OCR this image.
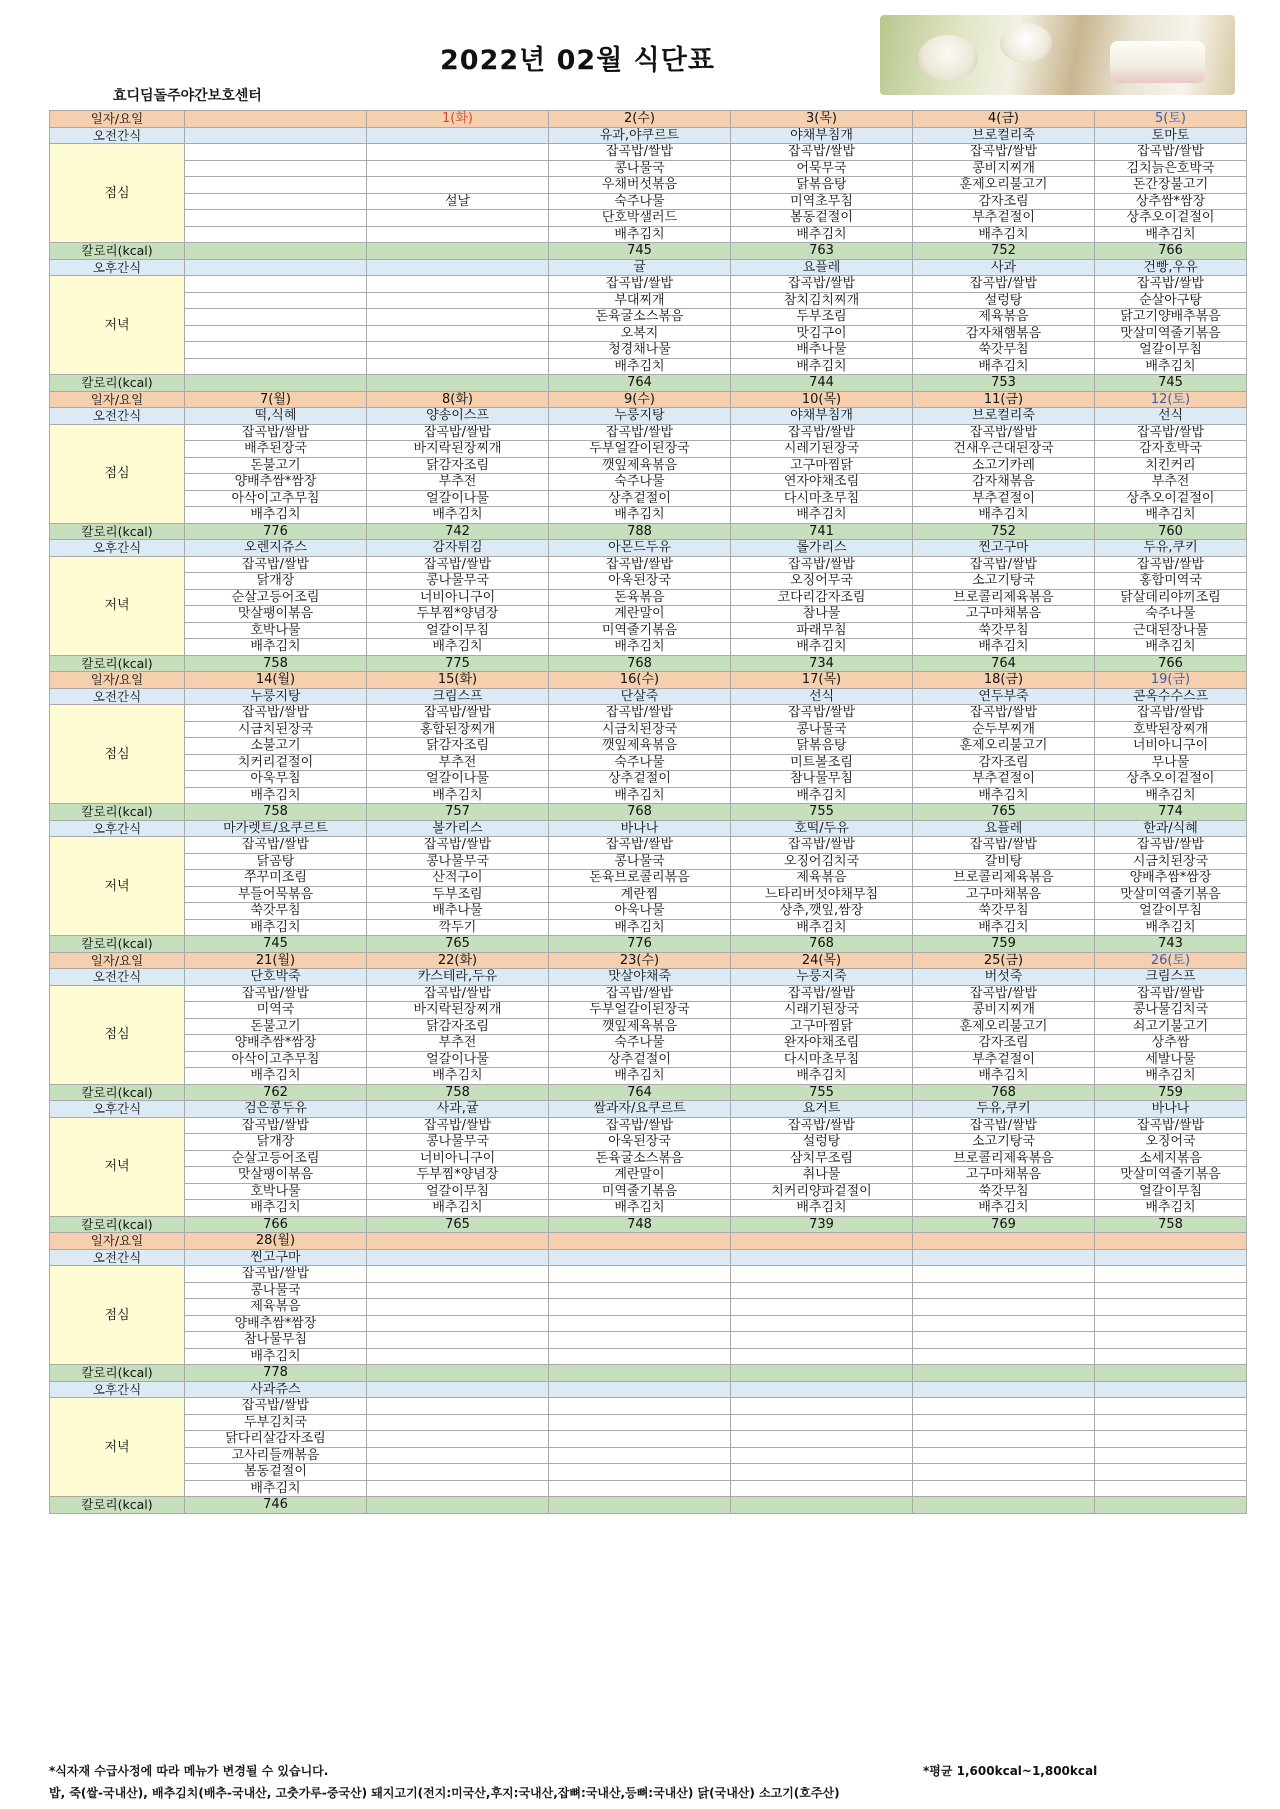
2022년 02월 식단표
효디딤돌주야간보호센터
일자/요일		1(화)	2(수)	3(목)	4(금)	5(토)
오전간식			유과,야쿠르트	야채부침개	브로컬리죽	토마토
점심			잡곡밥/쌀밥	잡곡밥/쌀밥	잡곡밥/쌀밥	잡곡밥/쌀밥
			콩나물국	어묵무국	콩비지찌개	김치늙은호박국
			우채버섯볶음	닭볶음탕	훈제오리불고기	돈간장불고기
		설날	숙주나물	미역초무침	감자조림	상추쌈*쌈장
			단호박샐러드	봄동겉절이	부추겉절이	상추오이겉절이
			배추김치	배추김치	배추김치	배추김치
칼로리(kcal)			745	763	752	766
오후간식			귤	요플레	사과	건빵,우유
저녁			잡곡밥/쌀밥	잡곡밥/쌀밥	잡곡밥/쌀밥	잡곡밥/쌀밥
			부대찌개	참치김치찌개	설렁탕	순살아구탕
			돈육굴소스볶음	두부조림	제육볶음	닭고기양배추볶음
			오복지	맛김구이	감자채햄볶음	맛살미역줄기볶음
			청경채나물	배추나물	쑥갓무침	얼갈이무침
			배추김치	배추김치	배추김치	배추김치
칼로리(kcal)			764	744	753	745
일자/요일	7(월)	8(화)	9(수)	10(목)	11(금)	12(토)
오전간식	떡,식혜	양송이스프	누룽지탕	야채부침개	브로컬리죽	선식
점심	잡곡밥/쌀밥	잡곡밥/쌀밥	잡곡밥/쌀밥	잡곡밥/쌀밥	잡곡밥/쌀밥	잡곡밥/쌀밥
	배추된장국	바지락된장찌개	두부얼갈이된장국	시레기된장국	건새우근대된장국	감자호박국
	돈불고기	닭감자조림	깻잎제육볶음	고구마찜닭	소고기카레	치킨커리
	양배추쌈*쌈장	부추전	숙주나물	연자야채조림	감자채볶음	부추전
	아삭이고추무침	얼갈이나물	상추겉절이	다시마초무침	부추겉절이	상추오이겉절이
	배추김치	배추김치	배추김치	배추김치	배추김치	배추김치
칼로리(kcal)	776	742	788	741	752	760
오후간식	오렌지쥬스	감자튀김	아몬드두유	롤가리스	찐고구마	두유,쿠키
저녁	잡곡밥/쌀밥	잡곡밥/쌀밥	잡곡밥/쌀밥	잡곡밥/쌀밥	잡곡밥/쌀밥	잡곡밥/쌀밥
	닭개장	콩나물무국	아욱된장국	오징어무국	소고기탕국	홍합미역국
	순살고등어조림	너비아니구이	돈육볶음	코다리감자조림	브로콜리제육볶음	닭살데리야끼조림
	맛살팽이볶음	두부찜*양념장	계란말이	참나물	고구마채볶음	숙주나물
	호박나물	얼갈이무침	미역줄기볶음	파래무침	쑥갓무침	근대된장나물
	배추김치	배추김치	배추김치	배추김치	배추김치	배추김치
칼로리(kcal)	758	775	768	734	764	766
일자/요일	14(월)	15(화)	16(수)	17(목)	18(금)	19(금)
오전간식	누룽지탕	크림스프	단살죽	선식	연두부죽	콘옥수수스프
점심	잡곡밥/쌀밥	잡곡밥/쌀밥	잡곡밥/쌀밥	잡곡밥/쌀밥	잡곡밥/쌀밥	잡곡밥/쌀밥
	시금치된장국	홍합된장찌개	시금치된장국	콩나물국	순두부찌개	호박된장찌개
	소불고기	닭감자조림	깻잎제육볶음	닭볶음탕	훈제오리불고기	너비아니구이
	치커리겉절이	부추전	숙주나물	미트볼조림	감자조림	무나물
	아욱무침	얼갈이나물	상추겉절이	참나물무침	부추겉절이	상추오이겉절이
	배추김치	배추김치	배추김치	배추김치	배추김치	배추김치
칼로리(kcal)	758	757	768	755	765	774
오후간식	마가렛트/요쿠르트	볼가리스	바나나	호떡/두유	요플레	한과/식혜
저녁	잡곡밥/쌀밥	잡곡밥/쌀밥	잡곡밥/쌀밥	잡곡밥/쌀밥	잡곡밥/쌀밥	잡곡밥/쌀밥
	닭곰탕	콩나물무국	콩나물국	오징어김치국	갈비탕	시금치된장국
	쭈꾸미조림	산적구이	돈육브로콜리볶음	제육볶음	브로콜리제육볶음	양배추쌈*쌈장
	부들어묵볶음	두부조림	계란찜	느타리버섯야채무침	고구마채볶음	맛살미역줄기볶음
	쑥갓무침	배추나물	아욱나물	상추,깻잎,쌈장	쑥갓무침	얼갈이무침
	배추김치	깍두기	배추김치	배추김치	배추김치	배추김치
칼로리(kcal)	745	765	776	768	759	743
일자/요일	21(월)	22(화)	23(수)	24(목)	25(금)	26(토)
오전간식	단호박죽	카스테라,두유	맛살야채죽	누룽지죽	버섯죽	크림스프
점심	잡곡밥/쌀밥	잡곡밥/쌀밥	잡곡밥/쌀밥	잡곡밥/쌀밥	잡곡밥/쌀밥	잡곡밥/쌀밥
	미역국	바지락된장찌개	두부얼갈이된장국	시래기된장국	콩비지찌개	콩나물김치국
	돈불고기	닭감자조림	깻잎제육볶음	고구마찜닭	훈제오리불고기	쇠고기불고기
	양배추쌈*쌈장	부추전	숙주나물	완자야채조림	감자조림	상추쌈
	아삭이고추무침	얼갈이나물	상추겉절이	다시마초무침	부추겉절이	세발나물
	배추김치	배추김치	배추김치	배추김치	배추김치	배추김치
칼로리(kcal)	762	758	764	755	768	759
오후간식	검은콩두유	사과,귤	쌀과자/요쿠르트	요거트	두유,쿠키	바나나
저녁	잡곡밥/쌀밥	잡곡밥/쌀밥	잡곡밥/쌀밥	잡곡밥/쌀밥	잡곡밥/쌀밥	잡곡밥/쌀밥
	닭개장	콩나물무국	아욱된장국	설렁탕	소고기탕국	오징어국
	순살고등어조림	너비아니구이	돈육굴소스볶음	삼치무조림	브로콜리제육볶음	소세지볶음
	맛살팽이볶음	두부찜*양념장	계란말이	취나물	고구마채볶음	맛살미역줄기볶음
	호박나물	얼갈이무침	미역줄기볶음	치커리양파겉절이	쑥갓무침	얼갈이무침
	배추김치	배추김치	배추김치	배추김치	배추김치	배추김치
칼로리(kcal)	766	765	748	739	769	758
일자/요일	28(월)					
오전간식	찐고구마					
점심	잡곡밥/쌀밥					
	콩나물국					
	제육볶음					
	양배추쌈*쌈장					
	참나물무침					
	배추김치					
칼로리(kcal)	778					
오후간식	사과쥬스					
저녁	잡곡밥/쌀밥					
	두부김치국					
	닭다리살감자조림					
	고사리들깨볶음					
	봄동겉절이					
	배추김치					
칼로리(kcal)	746					
*식자재 수급사정에 따라 메뉴가 변경될 수 있습니다.
밥, 죽(쌀-국내산), 배추김치(배추-국내산, 고춧가루-중국산) 돼지고기(전지:미국산,후지:국내산,잡뼈:국내산,등뼈:국내산) 닭(국내산) 소고기(호주산)
*평균 1,600kcal~1,800kcal
